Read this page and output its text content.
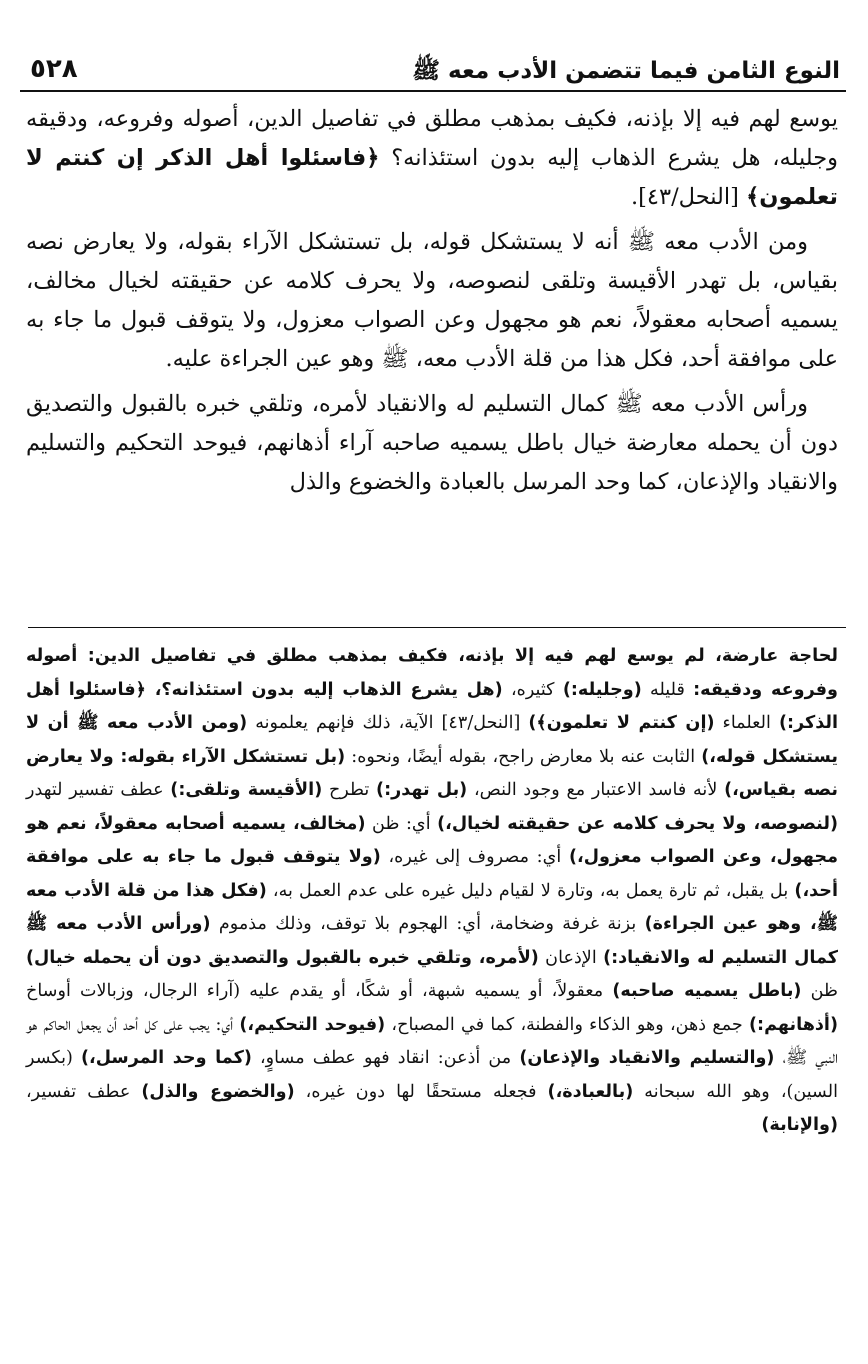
النوع الثامن فيما تتضمن الأدب معه ﷺ
٥٢٨

يوسع لهم فيه إلا بإذنه، فكيف بمذهب مطلق في تفاصيل الدين، أصوله وفروعه، ودقيقه وجليله، هل يشرع الذهاب إليه بدون استئذانه؟ ﴿فاسئلوا أهل الذكر إن كنتم لا تعلمون﴾ [النحل/٤٣].

ومن الأدب معه ﷺ أنه لا يستشكل قوله، بل تستشكل الآراء بقوله، ولا يعارض نصه بقياس، بل تهدر الأقيسة وتلقى لنصوصه، ولا يحرف كلامه عن حقيقته لخيال مخالف، يسميه أصحابه معقولاً، نعم هو مجهول وعن الصواب معزول، ولا يتوقف قبول ما جاء به على موافقة أحد، فكل هذا من قلة الأدب معه، ﷺ وهو عين الجراءة عليه.

ورأس الأدب معه ﷺ كمال التسليم له والانقياد لأمره، وتلقي خبره بالقبول والتصديق دون أن يحمله معارضة خيال باطل يسميه صاحبه آراء أذهانهم، فيوحد التحكيم والتسليم والانقياد والإذعان، كما وحد المرسل بالعبادة والخضوع والذل

لحاجة عارضة، لم يوسع لهم فيه إلا بإذنه، فكيف بمذهب مطلق في تفاصيل الدين: أصوله وفروعه ودقيقه: قليله (وجليله:) كثيره، (هل يشرع الذهاب إليه بدون استئذانه؟، ﴿فاسئلوا أهل الذكر:) العلماء (إن كنتم لا تعلمون﴾) [النحل/٤٣] الآية، ذلك فإنهم يعلمونه (ومن الأدب معه ﷺ أن لا يستشكل قوله،) الثابت عنه بلا معارض راجح، بقوله أيضًا، ونحوه: (بل تستشكل الآراء بقوله: ولا يعارض نصه بقياس،) لأنه فاسد الاعتبار مع وجود النص، (بل تهدر:) تطرح (الأقيسة وتلقى:) عطف تفسير لتهدر (لنصوصه، ولا يحرف كلامه عن حقيقته لخيال،) أي: ظن (مخالف، يسميه أصحابه معقولاً، نعم هو مجهول، وعن الصواب معزول،) أي: مصروف إلى غيره، (ولا يتوقف قبول ما جاء به على موافقة أحد،) بل يقبل، ثم تارة يعمل به، وتارة لا لقيام دليل غيره على عدم العمل به، (فكل هذا من قلة الأدب معه ﷺ، وهو عين الجراءة) بزنة غرفة وضخامة، أي: الهجوم بلا توقف، وذلك مذموم (ورأس الأدب معه ﷺ كمال التسليم له والانقياد:) الإذعان (لأمره، وتلقي خبره بالقبول والتصديق دون أن يحمله خيال) ظن (باطل يسميه صاحبه) معقولاً، أو يسميه شبهة، أو شكًا، أو يقدم عليه (آراء الرجال، وزبالات أوساخ (أذهانهم:) جمع ذهن، وهو الذكاء والفطنة، كما في المصباح، (فيوحد التحكيم،) أي: يجب على كل أحد أن يجعل الحاكم هو النبي ﷺ، (والتسليم والانقياد والإذعان) من أذعن: انقاد فهو عطف مساوٍ، (كما وحد المرسل،) (بكسر السين)، وهو الله سبحانه (بالعبادة،) فجعله مستحقًا لها دون غيره، (والخضوع والذل) عطف تفسير، (والإنابة)
